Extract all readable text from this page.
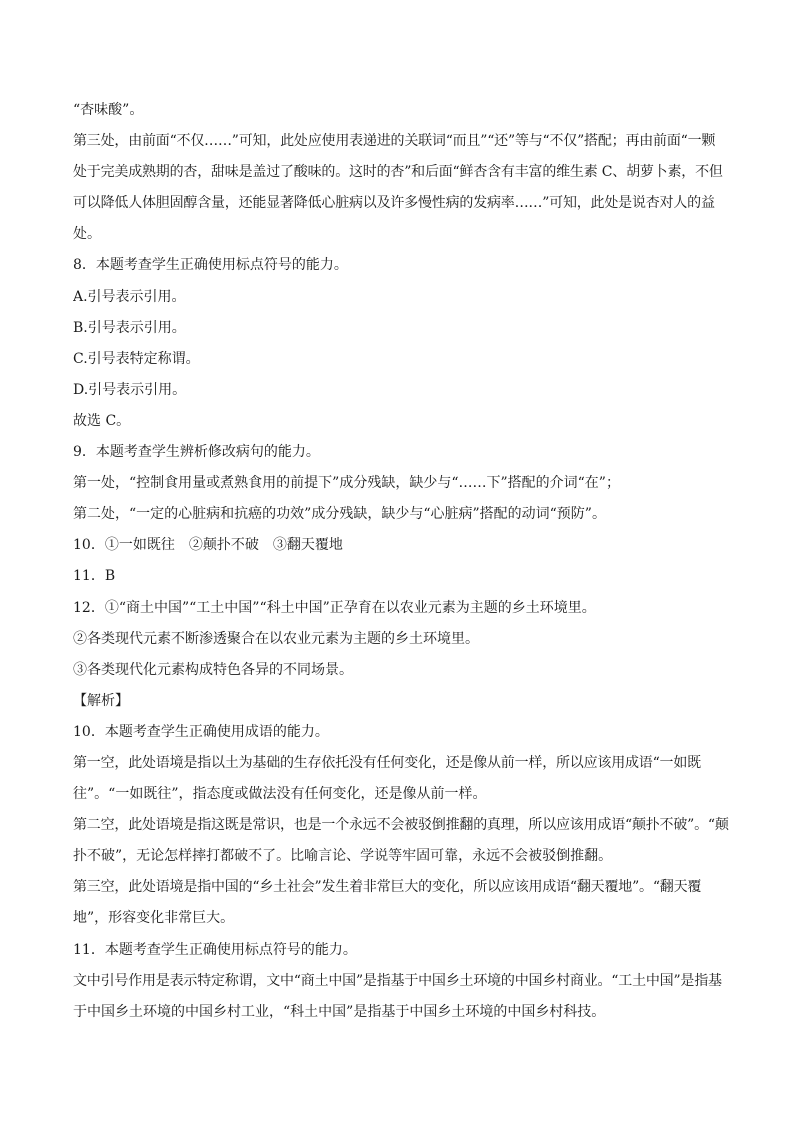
“杏味酸”。
第三处，由前面“不仅……”可知，此处应使用表递进的关联词“而且”“还”等与“不仅”搭配；再由前面“一颗
处于完美成熟期的杏，甜味是盖过了酸味的。这时的杏”和后面“鲜杏含有丰富的维生素 C、胡萝卜素，不但
可以降低人体胆固醇含量，还能显著降低心脏病以及许多慢性病的发病率……”可知，此处是说杏对人的益
处。
8．本题考查学生正确使用标点符号的能力。
A.引号表示引用。
B.引号表示引用。
C.引号表特定称谓。
D.引号表示引用。
故选 C。
9．本题考查学生辨析修改病句的能力。
第一处，“控制食用量或煮熟食用的前提下”成分残缺，缺少与“……下”搭配的介词“在”；
第二处，“一定的心脏病和抗癌的功效”成分残缺，缺少与“心脏病”搭配的动词“预防”。
10．①一如既往　②颠扑不破　③翻天覆地
11．B
12．①“商土中国”“工土中国”“科土中国”正孕育在以农业元素为主题的乡土环境里。
②各类现代元素不断渗透聚合在以农业元素为主题的乡土环境里。
③各类现代化元素构成特色各异的不同场景。
【解析】
10．本题考查学生正确使用成语的能力。
第一空，此处语境是指以土为基础的生存依托没有任何变化，还是像从前一样，所以应该用成语“一如既
往”。“一如既往”，指态度或做法没有任何变化，还是像从前一样。
第二空，此处语境是指这既是常识，也是一个永远不会被驳倒推翻的真理，所以应该用成语“颠扑不破”。“颠
扑不破”，无论怎样摔打都破不了。比喻言论、学说等牢固可靠，永远不会被驳倒推翻。
第三空，此处语境是指中国的“乡土社会”发生着非常巨大的变化，所以应该用成语“翻天覆地”。“翻天覆
地”，形容变化非常巨大。
11．本题考查学生正确使用标点符号的能力。
文中引号作用是表示特定称谓，文中“商土中国”是指基于中国乡土环境的中国乡村商业。“工土中国”是指基
于中国乡土环境的中国乡村工业，“科土中国”是指基于中国乡土环境的中国乡村科技。
